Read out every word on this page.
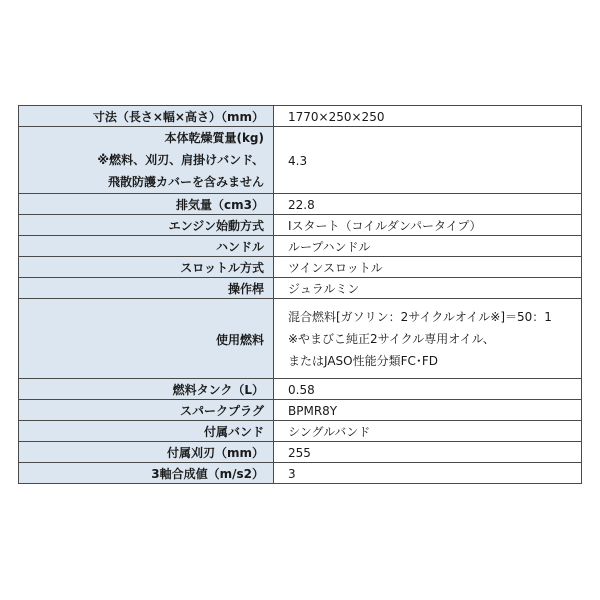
寸法（長さ×幅×高さ）（mm）	1770×250×250

本体乾燥質量(kg)
※燃料、刈刃、肩掛けバンド、
飛散防護カバーを含みません	4.3

排気量（cm3）	22.8

エンジン始動方式	Iスタート（コイルダンパータイプ）

ハンドル	ループハンドル

スロットル方式	ツインスロットル

操作桿	ジュラルミン

使用燃料	混合燃料[ガソリン：2サイクルオイル※]＝50：1
※やまびこ純正2サイクル専用オイル、
またはJASO性能分類FC･FD

燃料タンク（L）	0.58

スパークプラグ	BPMR8Y

付属バンド	シングルバンド

付属刈刃（mm）	255

3軸合成値（m/s2）	3
